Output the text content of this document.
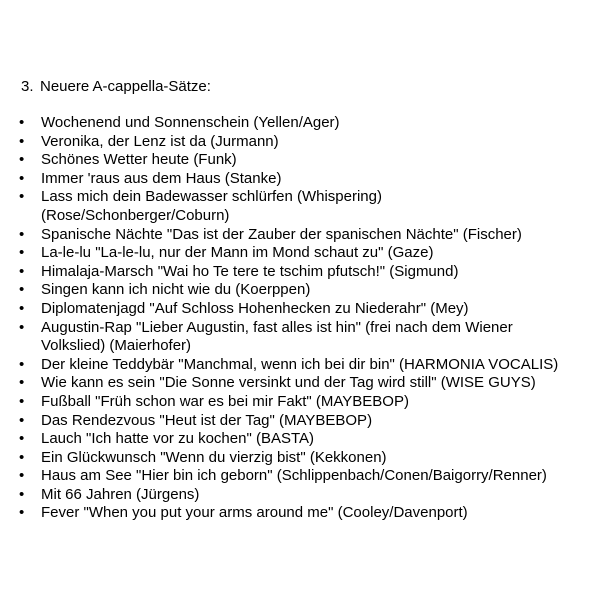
3. Neuere A-cappella-Sätze:
• Wochenend und Sonnenschein (Yellen/Ager)
• Veronika, der Lenz ist da (Jurmann)
• Schönes Wetter heute (Funk)
• Immer 'raus aus dem Haus (Stanke)
• Lass mich dein Badewasser schlürfen (Whispering)
(Rose/Schonberger/Coburn)
• Spanische Nächte "Das ist der Zauber der spanischen Nächte" (Fischer)
• La-le-lu "La-le-lu, nur der Mann im Mond schaut zu" (Gaze)
• Himalaja-Marsch "Wai ho Te tere te tschim pfutsch!" (Sigmund)
• Singen kann ich nicht wie du (Koerppen)
• Diplomatenjagd "Auf Schloss Hohenhecken zu Niederahr" (Mey)
• Augustin-Rap "Lieber Augustin, fast alles ist hin" (frei nach dem Wiener
Volkslied) (Maierhofer)
• Der kleine Teddybär "Manchmal, wenn ich bei dir bin" (HARMONIA VOCALIS)
• Wie kann es sein "Die Sonne versinkt und der Tag wird still" (WISE GUYS)
• Fußball "Früh schon war es bei mir Fakt" (MAYBEBOP)
• Das Rendezvous "Heut ist der Tag" (MAYBEBOP)
• Lauch "Ich hatte vor zu kochen" (BASTA)
• Ein Glückwunsch "Wenn du vierzig bist" (Kekkonen)
• Haus am See "Hier bin ich geborn" (Schlippenbach/Conen/Baigorry/Renner)
• Mit 66 Jahren (Jürgens)
• Fever "When you put your arms around me" (Cooley/Davenport)
